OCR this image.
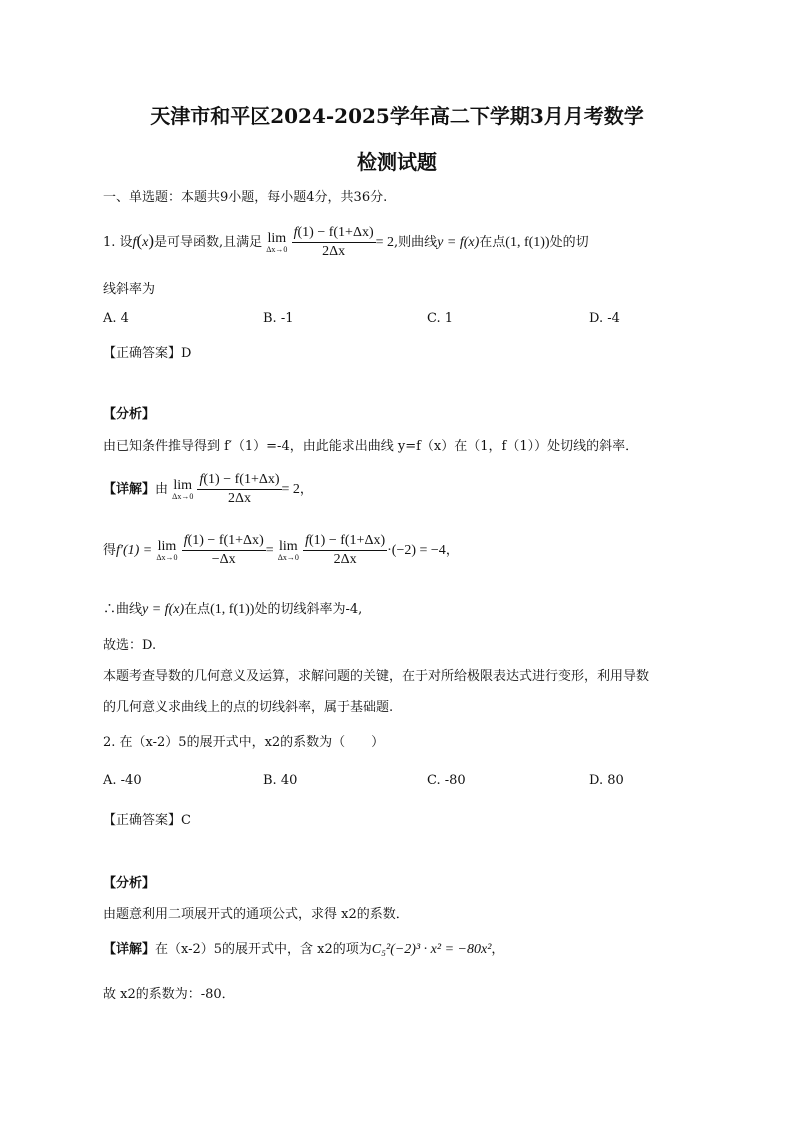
天津市和平区2024-2025学年高二下学期3月月考数学
检测试题
一、单选题：本题共9小题，每小题4分，共36分.
1. 设f(x)是可导函数,且满足 lim
Δx→0
$\frac{f(1) - f(1+\Delta x)}{2\Delta x} = 2$,则曲线y = f(x)在点(1, f(1))处的切
线斜率为
A. 4	B. -1	C. 1	D. -4
【正确答案】D
【分析】
由已知条件推导得到 f′（1）=-4，由此能求出曲线 y=f（x）在（1，f（1））处切线的斜率．
【详解】由 lim
Δx→0
$\frac{f(1) - f(1+\Delta x)}{2\Delta x} = 2$，
得f′(1) = lim
Δx→0
$\frac{f(1) - f(1+\Delta x)}{-\Delta x} = \lim$
Δx→0
$\frac{f(1) - f(1+\Delta x)}{2\Delta x} \cdot(-2) = -4$，
∴曲线y = f(x)在点(1, f(1))处的切线斜率为-4,
故选：D.
本题考查导数的几何意义及运算，求解问题的关键，在于对所给极限表达式进行变形，利用导数
的几何意义求曲线上的点的切线斜率，属于基础题.
2. 在（x-2）5的展开式中，x2的系数为（　　）
A. -40	B. 40	C. -80	D. 80
【正确答案】C
【分析】
由题意利用二项展开式的通项公式，求得 x2的系数．
【详解】在（x-2）5的展开式中，含 x2的项为C₅²(−2)³ · x² = −80x²，
故 x2的系数为：-80．
